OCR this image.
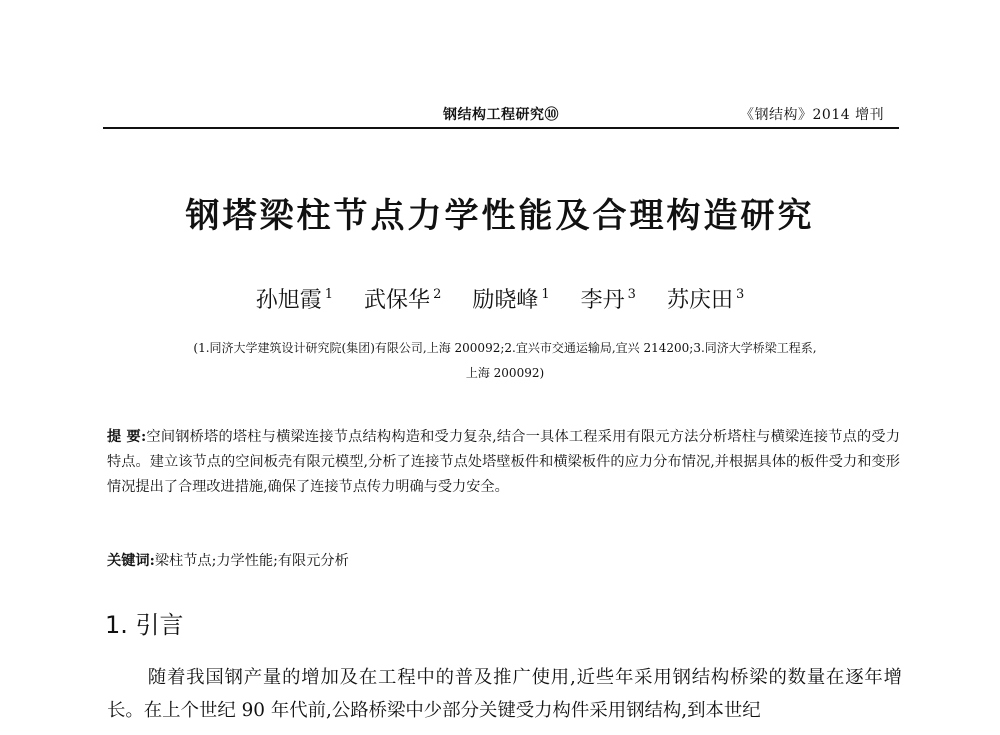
钢结构工程研究⑩	《钢结构》2014 增刊
钢塔梁柱节点力学性能及合理构造研究
孙旭霞 $^1$ 武保华 $^2$ 励晓峰 $^1$ 李丹 $^3$ 苏庆田 $^3$
(1.同济大学建筑设计研究院(集团)有限公司,上海 200092;2.宜兴市交通运输局,宜兴 214200;3.同济大学桥梁工程系,
上海 200092)
提 要:空间钢桥塔的塔柱与横梁连接节点结构构造和受力复杂,结合一具体工程采用有限元方法分析塔柱与横梁连接节点的受力特点。建立该节点的空间板壳有限元模型,分析了连接节点处塔壁板件和横梁板件的应力分布情况,并根据具体的板件受力和变形情况提出了合理改进措施,确保了连接节点传力明确与受力安全。
关键词:梁柱节点;力学性能;有限元分析
1. 引言
随着我国钢产量的增加及在工程中的普及推广使用,近些年采用钢结构桥梁的数量在逐年增长。在上个世纪 90 年代前,公路桥梁中少部分关键受力构件采用钢结构,到本世纪
